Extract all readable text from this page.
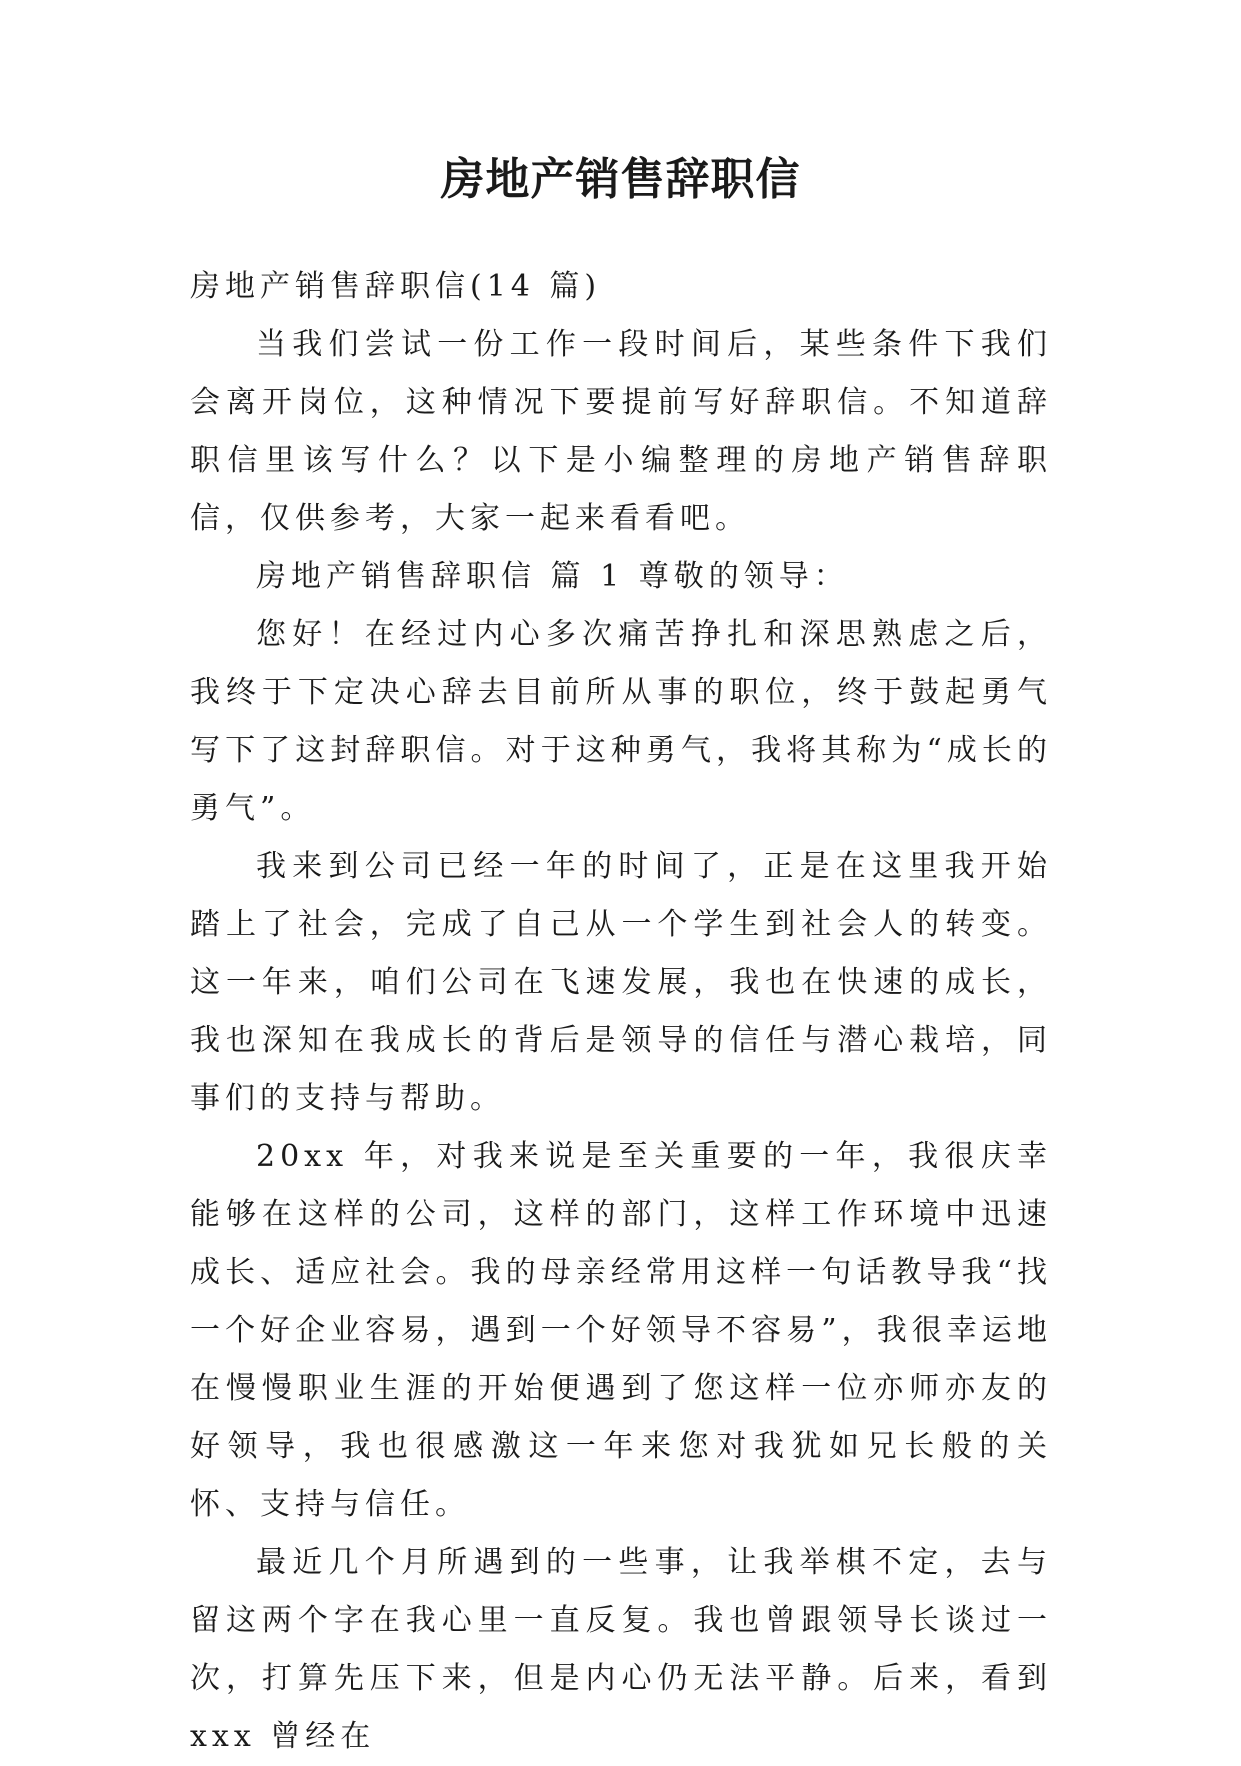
房地产销售辞职信

房地产销售辞职信(14 篇)

当我们尝试一份工作一段时间后，某些条件下我们会离开岗位，这种情况下要提前写好辞职信。不知道辞职信里该写什么？以下是小编整理的房地产销售辞职信，仅供参考，大家一起来看看吧。

房地产销售辞职信 篇 1 尊敬的领导：

您好！在经过内心多次痛苦挣扎和深思熟虑之后，我终于下定决心辞去目前所从事的职位，终于鼓起勇气写下了这封辞职信。对于这种勇气，我将其称为“成长的勇气”。

我来到公司已经一年的时间了，正是在这里我开始踏上了社会，完成了自己从一个学生到社会人的转变。这一年来，咱们公司在飞速发展，我也在快速的成长，我也深知在我成长的背后是领导的信任与潜心栽培，同事们的支持与帮助。

20xx 年，对我来说是至关重要的一年，我很庆幸能够在这样的公司，这样的部门，这样工作环境中迅速成长、适应社会。我的母亲经常用这样一句话教导我“找一个好企业容易，遇到一个好领导不容易”，我很幸运地在慢慢职业生涯的开始便遇到了您这样一位亦师亦友的好领导，我也很感激这一年来您对我犹如兄长般的关怀、支持与信任。

最近几个月所遇到的一些事，让我举棋不定，去与留这两个字在我心里一直反复。我也曾跟领导长谈过一次，打算先压下来，但是内心仍无法平静。后来，看到 xxx 曾经在
